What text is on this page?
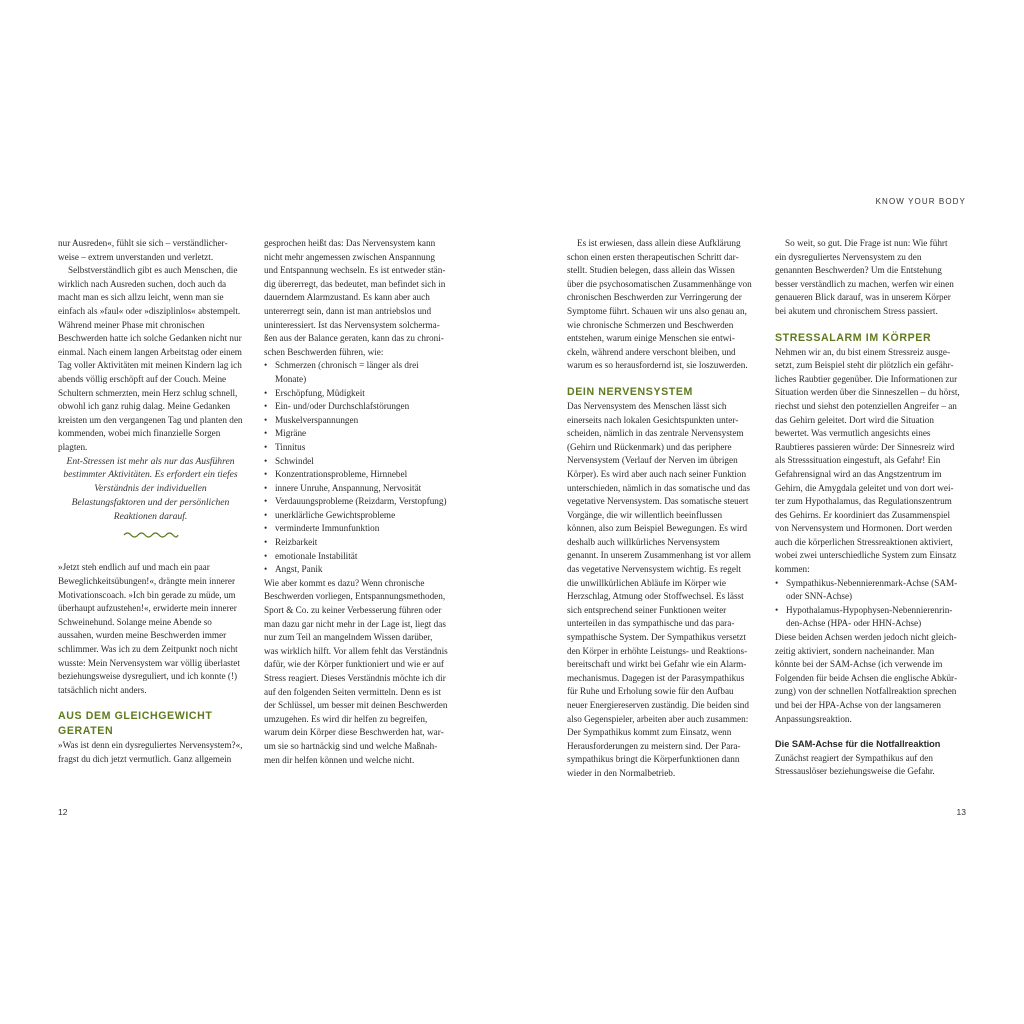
KNOW YOUR BODY

nur Ausreden«, fühlt sie sich – verständlicherweise – extrem unverstanden und verletzt.

Selbstverständlich gibt es auch Menschen, die wirklich nach Ausreden suchen, doch auch da macht man es sich allzu leicht, wenn man sie einfach als »faul« oder »disziplinlos« abstempelt. Während meiner Phase mit chronischen Beschwerden hatte ich solche Gedanken nicht nur einmal. Nach einem langen Arbeitstag oder einem Tag voller Aktivitäten mit meinen Kindern lag ich abends völlig erschöpft auf der Couch. Meine Schultern schmerzten, mein Herz schlug schnell, obwohl ich ganz ruhig dalag. Meine Gedanken kreisten um den vergangenen Tag und planten den kommenden, wobei mich finanzielle Sorgen plagten.

Ent-Stressen ist mehr als nur das Ausführen bestimmter Aktivitäten. Es erfordert ein tiefes Verständnis der individuellen Belastungsfaktoren und der persönlichen Reaktionen darauf.

»Jetzt steh endlich auf und mach ein paar Beweglichkeitsübungen!«, drängte mein innerer Motivationscoach. »Ich bin gerade zu müde, um überhaupt aufzustehen!«, erwiderte mein innerer Schweinehund. Solange meine Abende so aussahen, wurden meine Beschwerden immer schlimmer. Was ich zu dem Zeitpunkt noch nicht wusste: Mein Nervensystem war völlig überlastet beziehungsweise dysreguliert, und ich konnte (!) tatsächlich nicht anders.

AUS DEM GLEICHGEWICHT GERATEN

»Was ist denn ein dysreguliertes Nervensystem?«, fragst du dich jetzt vermutlich. Ganz allgemein

gesprochen heißt das: Das Nervensystem kann nicht mehr angemessen zwischen Anspannung und Entspannung wechseln. Es ist entweder ständig übererregt, das bedeutet, man befindet sich in dauerndem Alarmzustand. Es kann aber auch untererregt sein, dann ist man antriebslos und uninteressiert. Ist das Nervensystem solchermaßen aus der Balance geraten, kann das zu chronischen Beschwerden führen, wie:

• Schmerzen (chronisch = länger als drei Monate)
• Erschöpfung, Müdigkeit
• Ein- und/oder Durchschlafstörungen
• Muskelverspannungen
• Migräne
• Tinnitus
• Schwindel
• Konzentrationsprobleme, Hirnnebel
• innere Unruhe, Anspannung, Nervosität
• Verdauungsprobleme (Reizdarm, Verstopfung)
• unerklärliche Gewichtsprobleme
• verminderte Immunfunktion
• Reizbarkeit
• emotionale Instabilität
• Angst, Panik

Wie aber kommt es dazu? Wenn chronische Beschwerden vorliegen, Entspannungsmethoden, Sport & Co. zu keiner Verbesserung führen oder man dazu gar nicht mehr in der Lage ist, liegt das nur zum Teil an mangelndem Wissen darüber, was wirklich hilft. Vor allem fehlt das Verständnis dafür, wie der Körper funktioniert und wie er auf Stress reagiert. Dieses Verständnis möchte ich dir auf den folgenden Seiten vermitteln. Denn es ist der Schlüssel, um besser mit deinen Beschwerden umzugehen. Es wird dir helfen zu begreifen, warum dein Körper diese Beschwerden hat, warum sie so hartnäckig sind und welche Maßnahmen dir helfen können und welche nicht.

Es ist erwiesen, dass allein diese Aufklärung schon einen ersten therapeutischen Schritt darstellt. Studien belegen, dass allein das Wissen über die psychosomatischen Zusammenhänge von chronischen Beschwerden zur Verringerung der Symptome führt. Schauen wir uns also genau an, wie chronische Schmerzen und Beschwerden entstehen, warum einige Menschen sie entwickeln, während andere verschont bleiben, und warum es so herausfordernd ist, sie loszuwerden.

DEIN NERVENSYSTEM

Das Nervensystem des Menschen lässt sich einerseits nach lokalen Gesichtspunkten unterscheiden, nämlich in das zentrale Nervensystem (Gehirn und Rückenmark) und das periphere Nervensystem (Verlauf der Nerven im übrigen Körper). Es wird aber auch nach seiner Funktion unterschieden, nämlich in das somatische und das vegetative Nervensystem. Das somatische steuert Vorgänge, die wir willentlich beeinflussen können, also zum Beispiel Bewegungen. Es wird deshalb auch willkürliches Nervensystem genannt. In unserem Zusammenhang ist vor allem das vegetative Nervensystem wichtig. Es regelt die unwillkürlichen Abläufe im Körper wie Herzschlag, Atmung oder Stoffwechsel. Es lässt sich entsprechend seiner Funktionen weiter unterteilen in das sympathische und das parasympathische System. Der Sympathikus versetzt den Körper in erhöhte Leistungs- und Reaktionsbereitschaft und wirkt bei Gefahr wie ein Alarmmechanismus. Dagegen ist der Parasympathikus für Ruhe und Erholung sowie für den Aufbau neuer Energiereserven zuständig. Die beiden sind also Gegenspieler, arbeiten aber auch zusammen: Der Sympathikus kommt zum Einsatz, wenn Herausforderungen zu meistern sind. Der Parasympathikus bringt die Körperfunktionen dann wieder in den Normalbetrieb.

So weit, so gut. Die Frage ist nun: Wie führt ein dysreguliertes Nervensystem zu den genannten Beschwerden? Um die Entstehung besser verständlich zu machen, werfen wir einen genaueren Blick darauf, was in unserem Körper bei akutem und chronischem Stress passiert.

STRESSALARM IM KÖRPER

Nehmen wir an, du bist einem Stressreiz ausgesetzt, zum Beispiel steht dir plötzlich ein gefährliches Raubtier gegenüber. Die Informationen zur Situation werden über die Sinneszellen – du hörst, riechst und siehst den potenziellen Angreifer – an das Gehirn geleitet. Dort wird die Situation bewertet. Was vermutlich angesichts eines Raubtieres passieren würde: Der Sinnesreiz wird als Stresssituation eingestuft, als Gefahr! Ein Gefahrensignal wird an das Angstzentrum im Gehirn, die Amygdala geleitet und von dort weiter zum Hypothalamus, das Regulationszentrum des Gehirns. Er koordiniert das Zusammenspiel von Nervensystem und Hormonen. Dort werden auch die körperlichen Stressreaktionen aktiviert, wobei zwei unterschiedliche System zum Einsatz kommen:

• Sympathikus-Nebennierenmark-Achse (SAM- oder SNN-Achse)
• Hypothalamus-Hypophysen-Nebennierenrinden-Achse (HPA- oder HHN-Achse)

Diese beiden Achsen werden jedoch nicht gleichzeitig aktiviert, sondern nacheinander. Man könnte bei der SAM-Achse (ich verwende im Folgenden für beide Achsen die englische Abkürzung) von der schnellen Notfallreaktion sprechen und bei der HPA-Achse von der langsameren Anpassungsreaktion.

Die SAM-Achse für die Notfallreaktion

Zunächst reagiert der Sympathikus auf den Stressauslöser beziehungsweise die Gefahr.

12	13
